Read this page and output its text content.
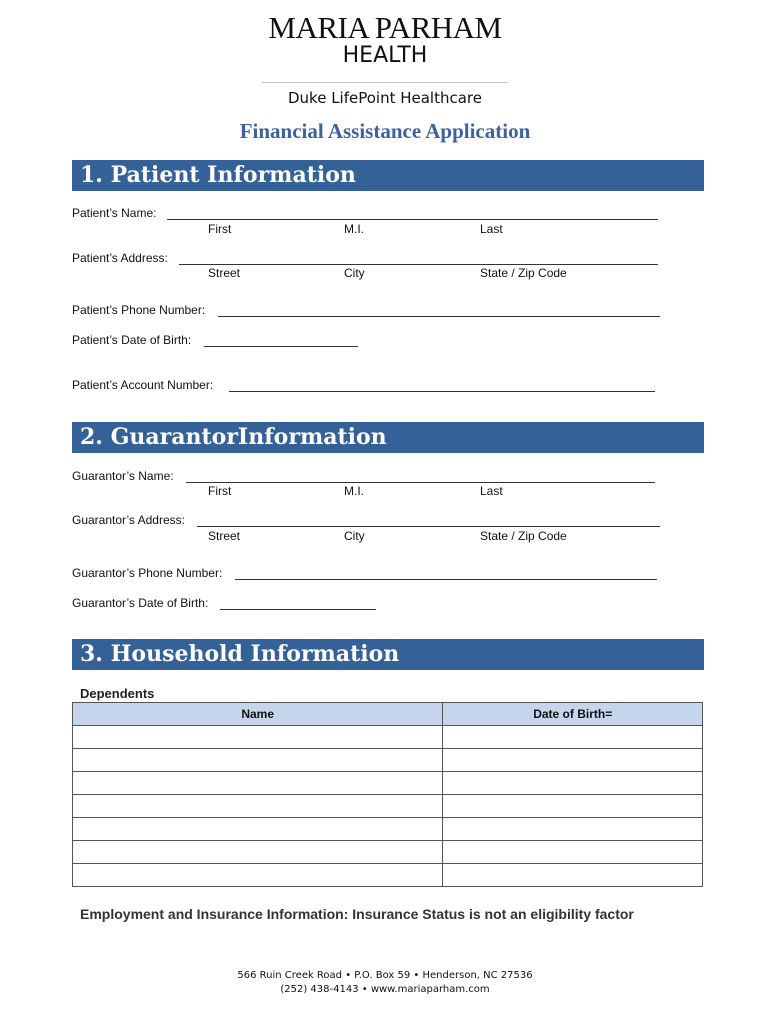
MARIA PARHAM
HEALTH
Duke LifePoint Healthcare
Financial Assistance Application
1. Patient Information
Patient’s Name:
First	M.I.	Last
Patient’s Address:
Street	City	State / Zip Code
Patient’s Phone Number:
Patient’s Date of Birth:
Patient’s Account Number:
2. GuarantorInformation
Guarantor’s Name:
First	M.I.	Last
Guarantor’s Address:
Street	City	State / Zip Code
Guarantor’s Phone Number:
Guarantor’s Date of Birth:
3. Household Information
Dependents
Name	Date of Birth=

Employment and Insurance Information: Insurance Status is not an eligibility factor
566 Ruin Creek Road • P.O. Box 59 • Henderson, NC 27536
(252) 438-4143 • www.mariaparham.com
